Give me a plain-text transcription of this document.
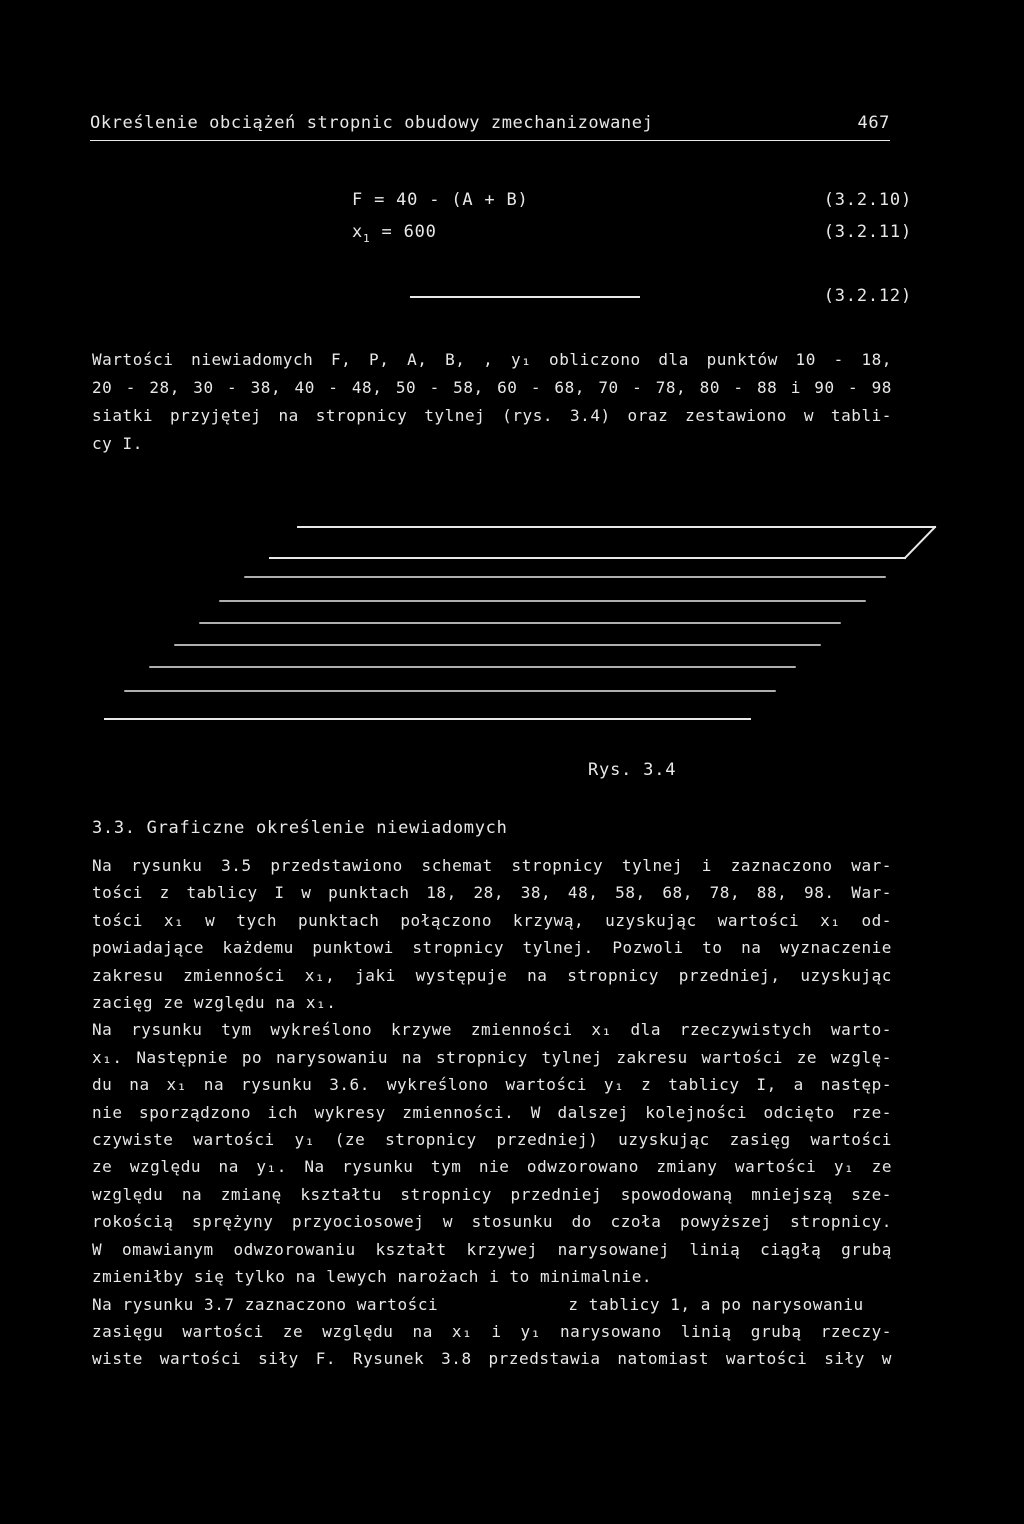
Określenie obciążeń stropnic obudowy zmechanizowanej	467
F = 40 - (A + B)	(3.2.10)
$x_1 = 600$	(3.2.11)
(3.2.12)
Wartości niewiadomych F, P, A, B, , y₁ obliczono dla punktów 10 - 18,
20 - 28, 30 - 38, 40 - 48, 50 - 58, 60 - 68, 70 - 78, 80 - 88 i 90 - 98
siatki przyjętej na stropnicy tylnej (rys. 3.4) oraz zestawiono w tabli-
cy I.
Rys. 3.4
3.3. Graficzne określenie niewiadomych
Na rysunku 3.5 przedstawiono schemat stropnicy tylnej i zaznaczono war-
tości z tablicy I w punktach 18, 28, 38, 48, 58, 68, 78, 88, 98. War-
tości x₁ w tych punktach połączono krzywą, uzyskując wartości x₁ od-
powiadające każdemu punktowi stropnicy tylnej. Pozwoli to na wyznaczenie
zakresu zmienności x₁, jaki występuje na stropnicy przedniej, uzyskując
zacięg ze względu na x₁.
Na rysunku tym wykreślono krzywe zmienności x₁ dla rzeczywistych warto-
x₁. Następnie po narysowaniu na stropnicy tylnej zakresu wartości ze wzglę-
du na x₁ na rysunku 3.6. wykreślono wartości y₁ z tablicy I, a następ-
nie sporządzono ich wykresy zmienności. W dalszej kolejności odcięto rze-
czywiste wartości y₁ (ze stropnicy przedniej) uzyskując zasięg wartości
ze względu na y₁. Na rysunku tym nie odwzorowano zmiany wartości y₁ ze
względu na zmianę kształtu stropnicy przedniej spowodowaną mniejszą sze-
rokością sprężyny przyociosowej w stosunku do czoła powyższej stropnicy.
W omawianym odwzorowaniu kształt krzywej narysowanej linią ciągłą grubą
zmieniłby się tylko na lewych narożach i to minimalnie.
Na rysunku 3.7 zaznaczono wartości	z tablicy 1, a po narysowaniu
zasięgu wartości ze względu na x₁ i y₁ narysowano linią grubą rzeczy-
wiste wartości siły F. Rysunek 3.8 przedstawia natomiast wartości siły w
